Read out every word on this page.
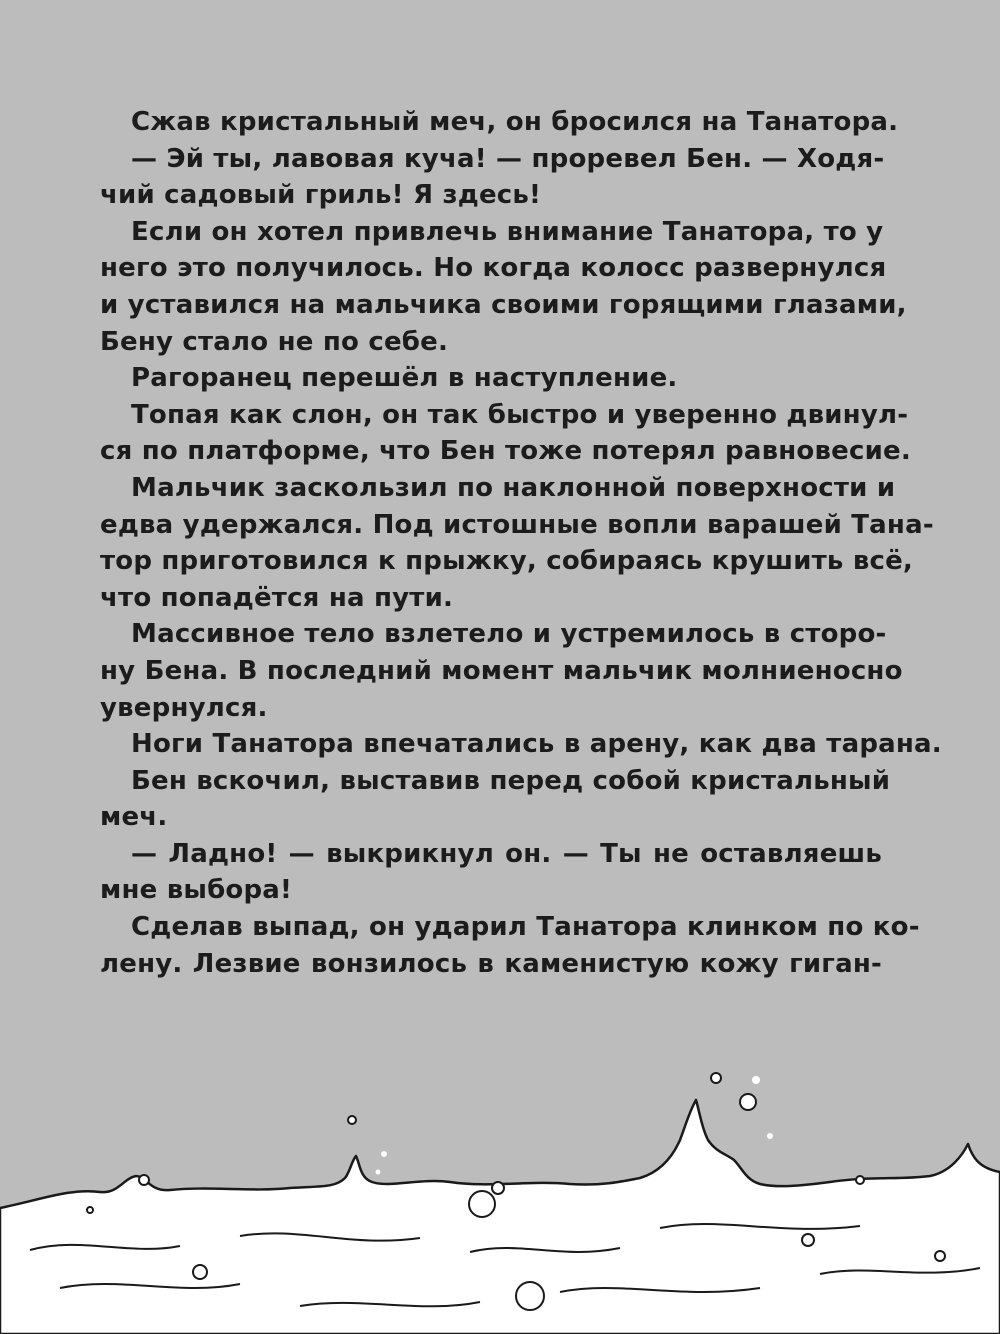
Сжав кристальный меч, он бросился на Танатора.
— Эй ты, лавовая куча! — проревел Бен. — Ходя-
чий садовый гриль! Я здесь!
Если он хотел привлечь внимание Танатора, то у
него это получилось. Но когда колосс развернулся
и уставился на мальчика своими горящими глазами,
Бену стало не по себе.
Рагоранец перешёл в наступление.
Топая как слон, он так быстро и уверенно двинул-
ся по платформе, что Бен тоже потерял равновесие.
Мальчик заскользил по наклонной поверхности и
едва удержался. Под истошные вопли варашей Тана-
тор приготовился к прыжку, собираясь крушить всё,
что попадётся на пути.
Массивное тело взлетело и устремилось в сторо-
ну Бена. В последний момент мальчик молниеносно
увернулся.
Ноги Танатора впечатались в арену, как два тарана.
Бен вскочил, выставив перед собой кристальный
меч.
— Ладно! — выкрикнул он. — Ты не оставляешь
мне выбора!
Сделав выпад, он ударил Танатора клинком по ко-
лену. Лезвие вонзилось в каменистую кожу гиган-
